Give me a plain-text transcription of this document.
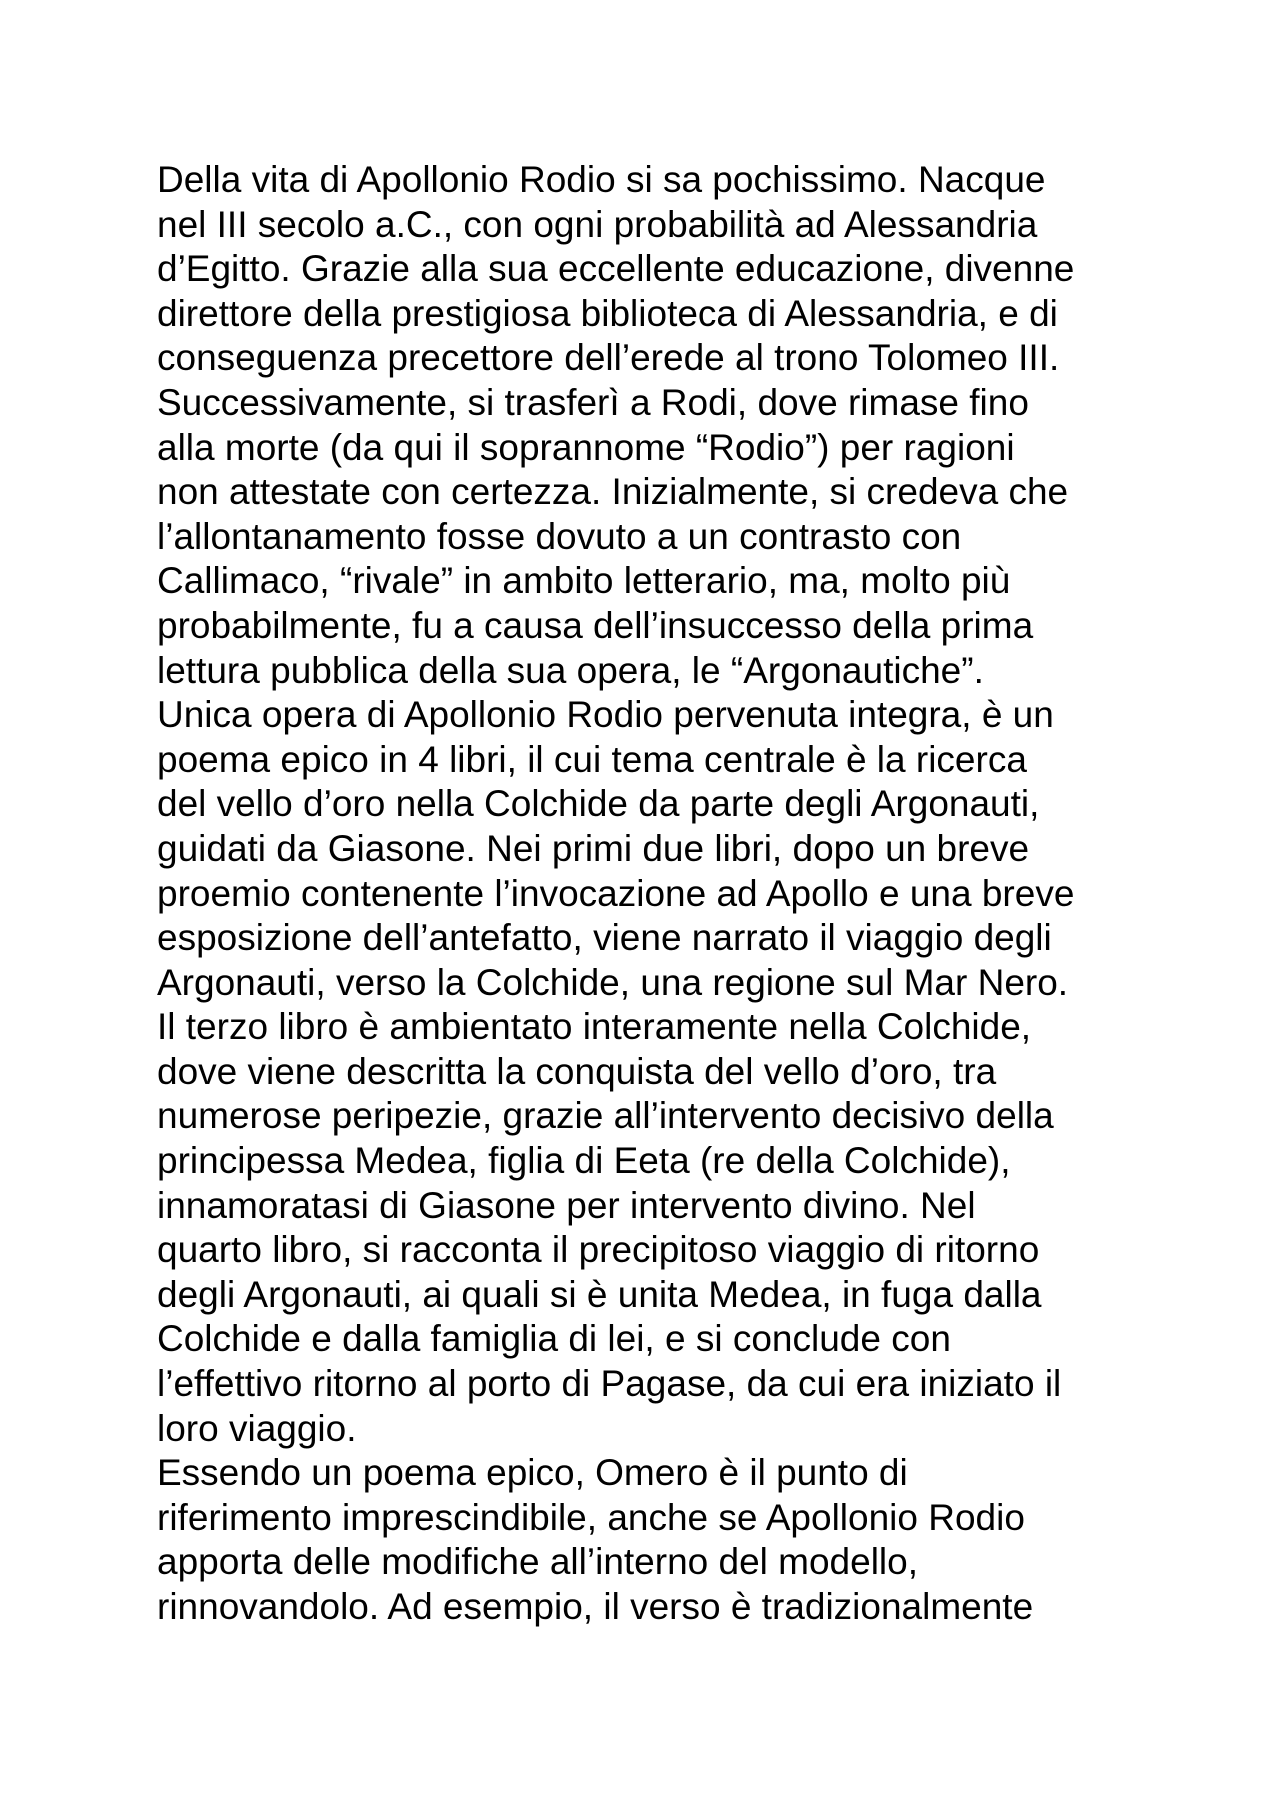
Della vita di Apollonio Rodio si sa pochissimo. Nacque
nel III secolo a.C., con ogni probabilità ad Alessandria
d’Egitto. Grazie alla sua eccellente educazione, divenne
direttore della prestigiosa biblioteca di Alessandria, e di
conseguenza precettore dell’erede al trono Tolomeo III.
Successivamente, si trasferì a Rodi, dove rimase fino
alla morte (da qui il soprannome “Rodio”) per ragioni
non attestate con certezza. Inizialmente, si credeva che
l’allontanamento fosse dovuto a un contrasto con
Callimaco, “rivale” in ambito letterario, ma, molto più
probabilmente, fu a causa dell’insuccesso della prima
lettura pubblica della sua opera, le “Argonautiche”.
Unica opera di Apollonio Rodio pervenuta integra, è un
poema epico in 4 libri, il cui tema centrale è la ricerca
del vello d’oro nella Colchide da parte degli Argonauti,
guidati da Giasone. Nei primi due libri, dopo un breve
proemio contenente l’invocazione ad Apollo e una breve
esposizione dell’antefatto, viene narrato il viaggio degli
Argonauti, verso la Colchide, una regione sul Mar Nero.
Il terzo libro è ambientato interamente nella Colchide,
dove viene descritta la conquista del vello d’oro, tra
numerose peripezie, grazie all’intervento decisivo della
principessa Medea, figlia di Eeta (re della Colchide),
innamoratasi di Giasone per intervento divino. Nel
quarto libro, si racconta il precipitoso viaggio di ritorno
degli Argonauti, ai quali si è unita Medea, in fuga dalla
Colchide e dalla famiglia di lei, e si conclude con
l’effettivo ritorno al porto di Pagase, da cui era iniziato il
loro viaggio.
Essendo un poema epico, Omero è il punto di
riferimento imprescindibile, anche se Apollonio Rodio
apporta delle modifiche all’interno del modello,
rinnovandolo. Ad esempio, il verso è tradizionalmente
